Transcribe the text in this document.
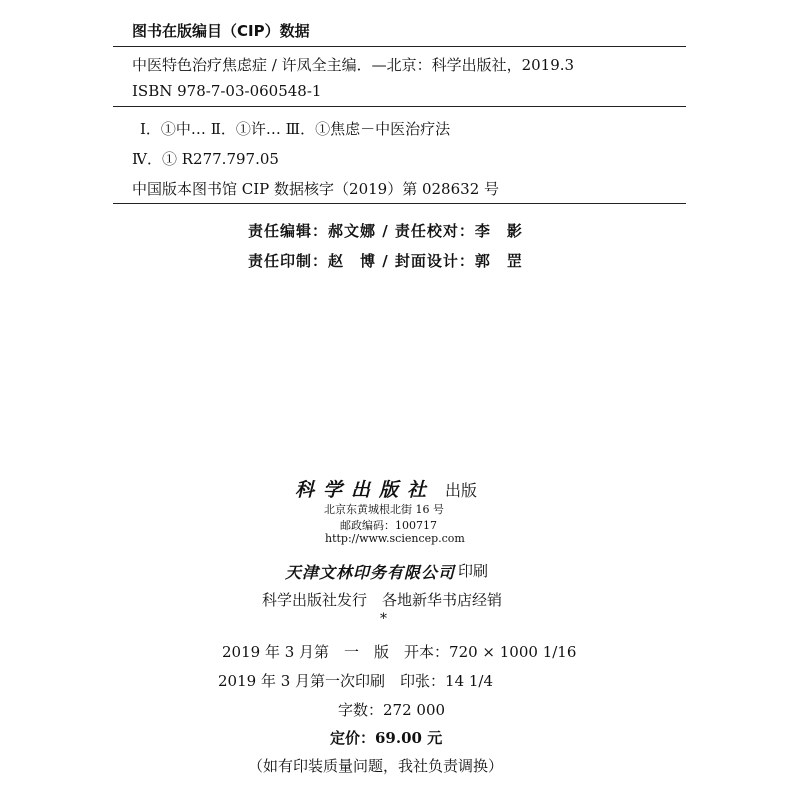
图书在版编目（CIP）数据
中医特色治疗焦虑症 / 许凤全主编．—北京：科学出版社，2019.3
ISBN 978-7-03-060548-1
Ⅰ．①中… Ⅱ．①许… Ⅲ．①焦虑－中医治疗法
Ⅳ．① R277.797.05
中国版本图书馆 CIP 数据核字（2019）第 028632 号
责任编辑：郝文娜 / 责任校对：李　影
责任印制：赵　博 / 封面设计：郭　罡
科学出版社 出版
北京东黄城根北街 16 号
邮政编码：100717
http://www.sciencep.com
天津文林印务有限公司 印刷
科学出版社发行　各地新华书店经销
*
2019 年 3 月第　一　版　开本：720 × 1000 1/16
2019 年 3 月第一次印刷　印张：14 1/4
字数：272 000
定价：69.00 元
（如有印装质量问题，我社负责调换）
